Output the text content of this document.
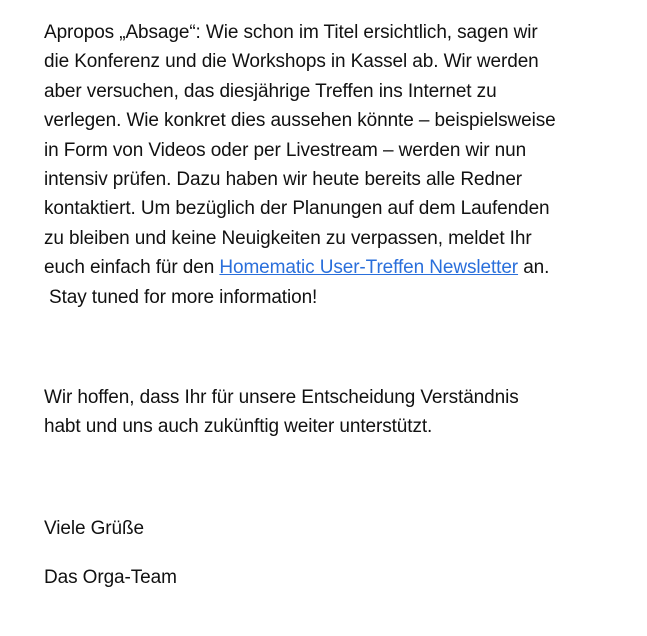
Apropos „Absage“: Wie schon im Titel ersichtlich, sagen wir
die Konferenz und die Workshops in Kassel ab. Wir werden
aber versuchen, das diesjährige Treffen ins Internet zu
verlegen. Wie konkret dies aussehen könnte – beispielsweise
in Form von Videos oder per Livestream – werden wir nun
intensiv prüfen. Dazu haben wir heute bereits alle Redner
kontaktiert. Um bezüglich der Planungen auf dem Laufenden
zu bleiben und keine Neuigkeiten zu verpassen, meldet Ihr
euch einfach für den Homematic User-Treffen Newsletter an.
Stay tuned for more information!

Wir hoffen, dass Ihr für unsere Entscheidung Verständnis
habt und uns auch zukünftig weiter unterstützt.

Viele Grüße

Das Orga-Team
